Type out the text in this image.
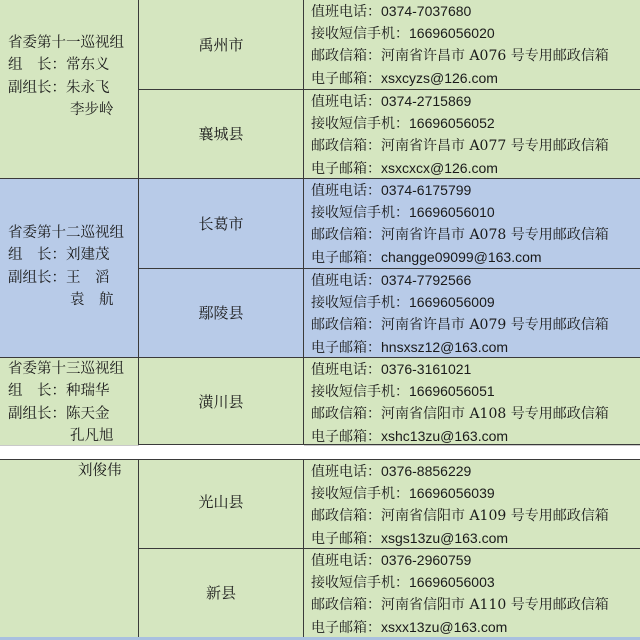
省委第十一巡视组
组　长：常东义
副组长：朱永飞
李步岭
禹州市
值班电话：0374-7037680
接收短信手机：16696056020
邮政信箱：河南省许昌市 A076 号专用邮政信箱
电子邮箱：xsxcyzs@126.com
襄城县
值班电话：0374-2715869
接收短信手机：16696056052
邮政信箱：河南省许昌市 A077 号专用邮政信箱
电子邮箱：xsxcxcx@126.com
省委第十二巡视组
组　长：刘建茂
副组长：王　滔
袁　航
长葛市
值班电话：0374-6175799
接收短信手机：16696056010
邮政信箱：河南省许昌市 A078 号专用邮政信箱
电子邮箱：changge09099@163.com
鄢陵县
值班电话：0374-7792566
接收短信手机：16696056009
邮政信箱：河南省许昌市 A079 号专用邮政信箱
电子邮箱：hnsxsz12@163.com
省委第十三巡视组
组　长：种瑞华
副组长：陈天金
孔凡旭
潢川县
值班电话：0376-3161021
接收短信手机：16696056051
邮政信箱：河南省信阳市 A108 号专用邮政信箱
电子邮箱：xshc13zu@163.com
刘俊伟
光山县
值班电话：0376-8856229
接收短信手机：16696056039
邮政信箱：河南省信阳市 A109 号专用邮政信箱
电子邮箱：xsgs13zu@163.com
新县
值班电话：0376-2960759
接收短信手机：16696056003
邮政信箱：河南省信阳市 A110 号专用邮政信箱
电子邮箱：xsxx13zu@163.com
